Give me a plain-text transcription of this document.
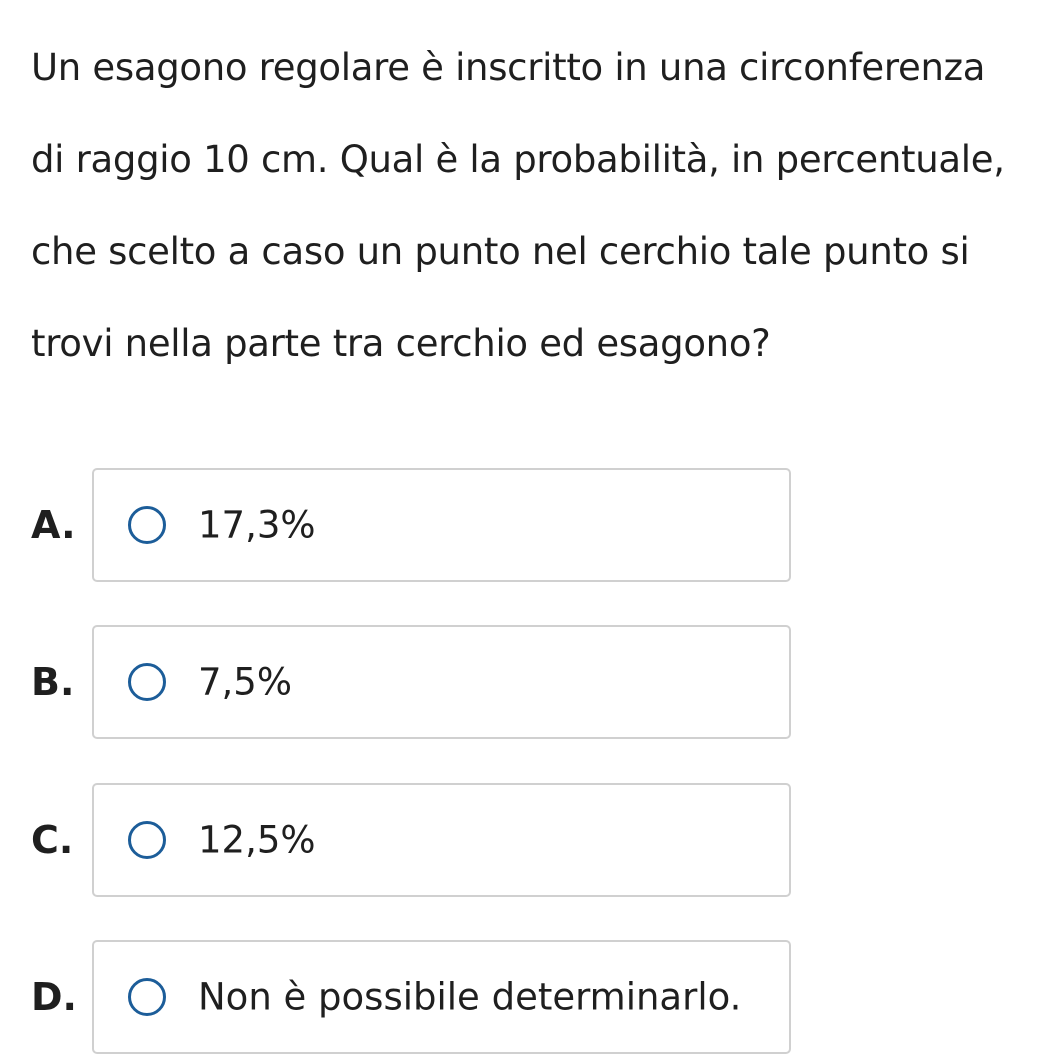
Un esagono regolare è inscritto in una circonferenza
di raggio 10 cm. Qual è la probabilità, in percentuale,
che scelto a caso un punto nel cerchio tale punto si
trovi nella parte tra cerchio ed esagono?
A.	17,3%
B.	7,5%
C.	12,5%
D.	Non è possibile determinarlo.
